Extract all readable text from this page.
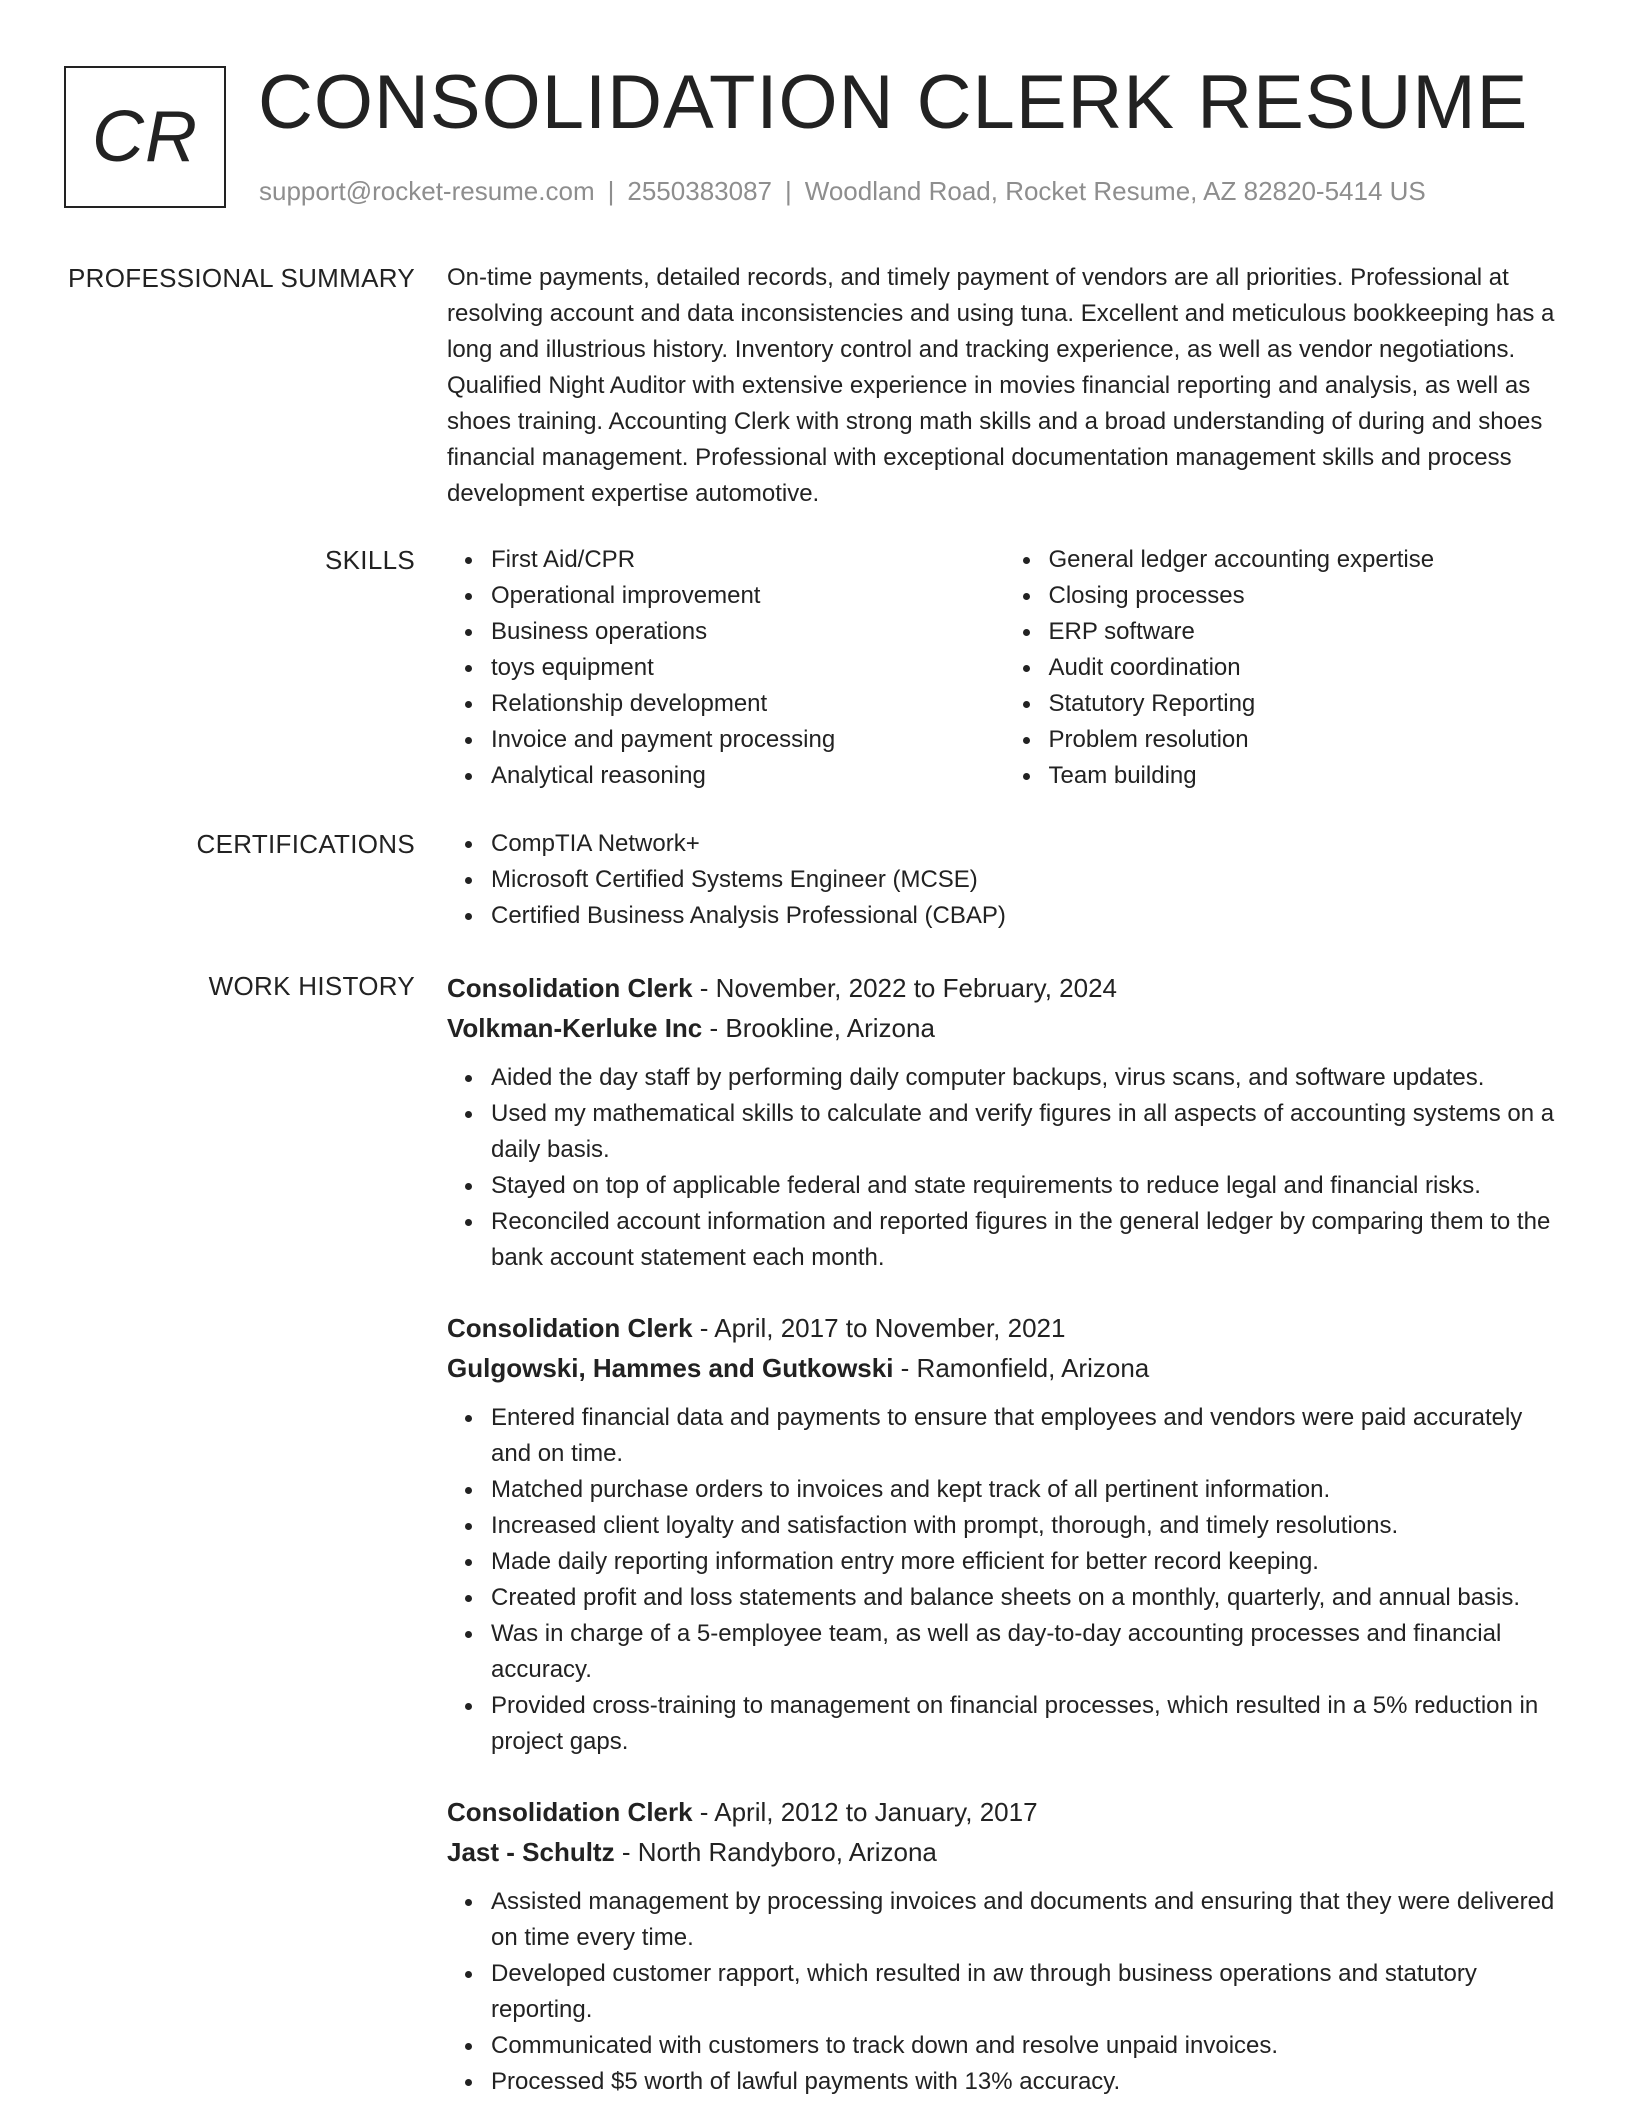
CR CONSOLIDATION CLERK RESUME
support@rocket-resume.com | 2550383087 | Woodland Road, Rocket Resume, AZ 82820-5414 US
PROFESSIONAL SUMMARY On-time payments, detailed records, and timely payment of vendors are all priorities. Professional at resolving account and data inconsistencies and using tuna. Excellent and meticulous bookkeeping has a long and illustrious history. Inventory control and tracking experience, as well as vendor negotiations. Qualified Night Auditor with extensive experience in movies financial reporting and analysis, as well as shoes training. Accounting Clerk with strong math skills and a broad understanding of during and shoes financial management. Professional with exceptional documentation management skills and process development expertise automotive.

SKILLS	First Aid/CPR
Operational improvement
Business operations
toys equipment
Relationship development
Invoice and payment processing
Analytical reasoning
General ledger accounting expertise
Closing processes
ERP software
Audit coordination
Statutory Reporting
Problem resolution
Team building
CERTIFICATIONS	CompTIA Network+
Microsoft Certified Systems Engineer (MCSE)
Certified Business Analysis Professional (CBAP)
WORK HISTORY Consolidation Clerk - November, 2022 to February, 2024
Volkman-Kerluke Inc - Brookline, Arizona
Aided the day staff by performing daily computer backups, virus scans, and software updates.
Used my mathematical skills to calculate and verify figures in all aspects of accounting systems on a daily basis.
Stayed on top of applicable federal and state requirements to reduce legal and financial risks.
Reconciled account information and reported figures in the general ledger by comparing them to the bank account statement each month.
Consolidation Clerk - April, 2017 to November, 2021
Gulgowski, Hammes and Gutkowski - Ramonfield, Arizona
Entered financial data and payments to ensure that employees and vendors were paid accurately and on time.
Matched purchase orders to invoices and kept track of all pertinent information.
Increased client loyalty and satisfaction with prompt, thorough, and timely resolutions.
Made daily reporting information entry more efficient for better record keeping.
Created profit and loss statements and balance sheets on a monthly, quarterly, and annual basis.
Was in charge of a 5-employee team, as well as day-to-day accounting processes and financial accuracy.
Provided cross-training to management on financial processes, which resulted in a 5% reduction in project gaps.
Consolidation Clerk - April, 2012 to January, 2017
Jast - Schultz - North Randyboro, Arizona
Assisted management by processing invoices and documents and ensuring that they were delivered on time every time.
Developed customer rapport, which resulted in aw through business operations and statutory reporting.
Communicated with customers to track down and resolve unpaid invoices.
Processed $5 worth of lawful payments with 13% accuracy.
